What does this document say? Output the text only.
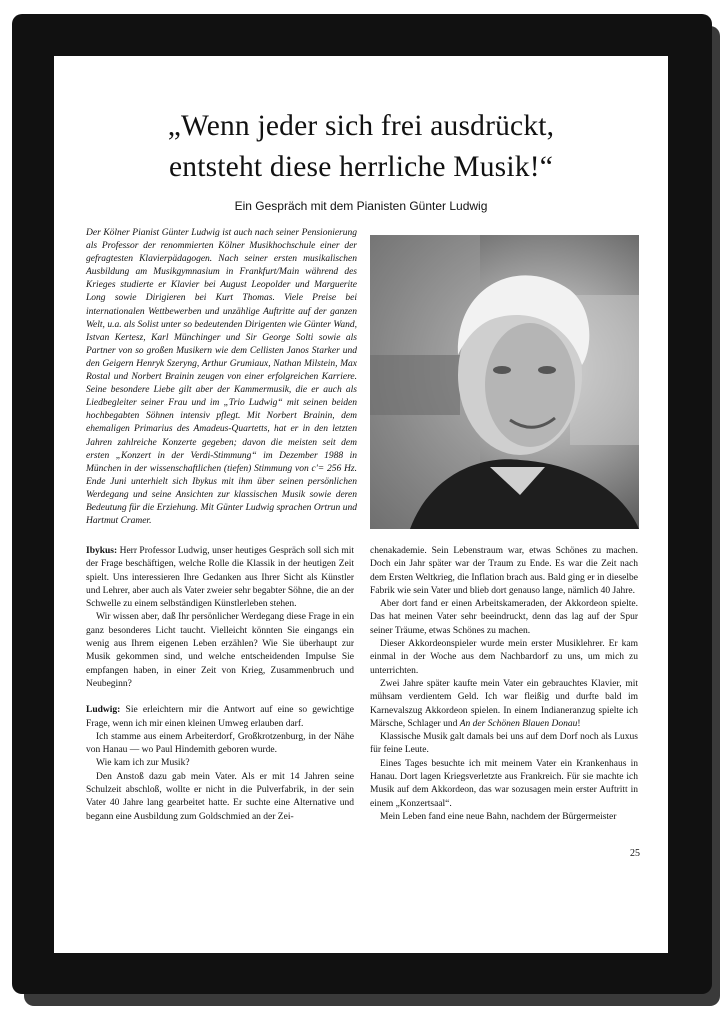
„Wenn jeder sich frei ausdrückt,
entsteht diese herrliche Musik!“
Ein Gespräch mit dem Pianisten Günter Ludwig

Der Kölner Pianist Günter Ludwig ist auch nach seiner Pensionierung als Professor der renommierten Kölner Musikhochschule einer der gefragtesten Klavierpädagogen. Nach seiner ersten musikalischen Ausbildung am Musikgymnasium in Frankfurt/Main während des Krieges studierte er Klavier bei August Leopolder und Marguerite Long sowie Dirigieren bei Kurt Thomas. Viele Preise bei internationalen Wettbewerben und unzählige Auftritte auf der ganzen Welt, u.a. als Solist unter so bedeutenden Dirigenten wie Günter Wand, Istvan Kertesz, Karl Münchinger und Sir George Solti sowie als Partner von so großen Musikern wie dem Cellisten Janos Starker und den Geigern Henryk Szeryng, Arthur Grumiaux, Nathan Milstein, Max Rostal und Norbert Brainin zeugen von einer erfolgreichen Karriere. Seine besondere Liebe gilt aber der Kammermusik, die er auch als Liedbegleiter seiner Frau und im „Trio Ludwig“ mit seinen beiden hochbegabten Söhnen intensiv pflegt. Mit Norbert Brainin, dem ehemaligen Primarius des Amadeus-Quartetts, hat er in den letzten Jahren zahlreiche Konzerte gegeben; davon die meisten seit dem ersten „Konzert in der Verdi-Stimmung“ im Dezember 1988 in München in der wissenschaftlichen (tiefen) Stimmung von c'= 256 Hz. Ende Juni unterhielt sich Ibykus mit ihm über seinen persönlichen Werdegang und seine Ansichten zur klassischen Musik sowie deren Bedeutung für die Erziehung. Mit Günter Ludwig sprachen Ortrun und Hartmut Cramer.

Ibykus: Herr Professor Ludwig, unser heutiges Gespräch soll sich mit der Frage beschäftigen, welche Rolle die Klassik in der heutigen Zeit spielt. Uns interessieren Ihre Gedanken aus Ihrer Sicht als Künstler und Lehrer, aber auch als Vater zweier sehr begabter Söhne, die an der Schwelle zu einem selbständigen Künstlerleben stehen.

Wir wissen aber, daß Ihr persönlicher Werdegang diese Frage in ein ganz besonderes Licht taucht. Vielleicht könnten Sie eingangs ein wenig aus Ihrem eigenen Leben erzählen? Wie Sie überhaupt zur Musik gekommen sind, und welche entscheidenden Impulse Sie empfangen haben, in einer Zeit von Krieg, Zusammenbruch und Neubeginn?

Ludwig: Sie erleichtern mir die Antwort auf eine so gewichtige Frage, wenn ich mir einen kleinen Umweg erlauben darf.

Ich stamme aus einem Arbeiterdorf, Großkrotzenburg, in der Nähe von Hanau — wo Paul Hindemith geboren wurde.

Wie kam ich zur Musik?

Den Anstoß dazu gab mein Vater. Als er mit 14 Jahren seine Schulzeit abschloß, wollte er nicht in die Pulverfabrik, in der sein Vater 40 Jahre lang gearbeitet hatte. Er suchte eine Alternative und begann eine Ausbildung zum Goldschmied an der Zei-

chenakademie. Sein Lebenstraum war, etwas Schönes zu machen. Doch ein Jahr später war der Traum zu Ende. Es war die Zeit nach dem Ersten Weltkrieg, die Inflation brach aus. Bald ging er in dieselbe Fabrik wie sein Vater und blieb dort genauso lange, nämlich 40 Jahre.

Aber dort fand er einen Arbeitskameraden, der Akkordeon spielte. Das hat meinen Vater sehr beeindruckt, denn das lag auf der Spur seiner Träume, etwas Schönes zu machen.

Dieser Akkordeonspieler wurde mein erster Musiklehrer. Er kam einmal in der Woche aus dem Nachbardorf zu uns, um mich zu unterrichten.

Zwei Jahre später kaufte mein Vater ein gebrauchtes Klavier, mit mühsam verdientem Geld. Ich war fleißig und durfte bald im Karnevalszug Akkordeon spielen. In einem Indianeranzug spielte ich Märsche, Schlager und An der Schönen Blauen Donau!

Klassische Musik galt damals bei uns auf dem Dorf noch als Luxus für feine Leute.

Eines Tages besuchte ich mit meinem Vater ein Krankenhaus in Hanau. Dort lagen Kriegsverletzte aus Frankreich. Für sie machte ich Musik auf dem Akkordeon, das war sozusagen mein erster Auftritt in einem „Konzertsaal“.

Mein Leben fand eine neue Bahn, nachdem der Bürgermeister

25
